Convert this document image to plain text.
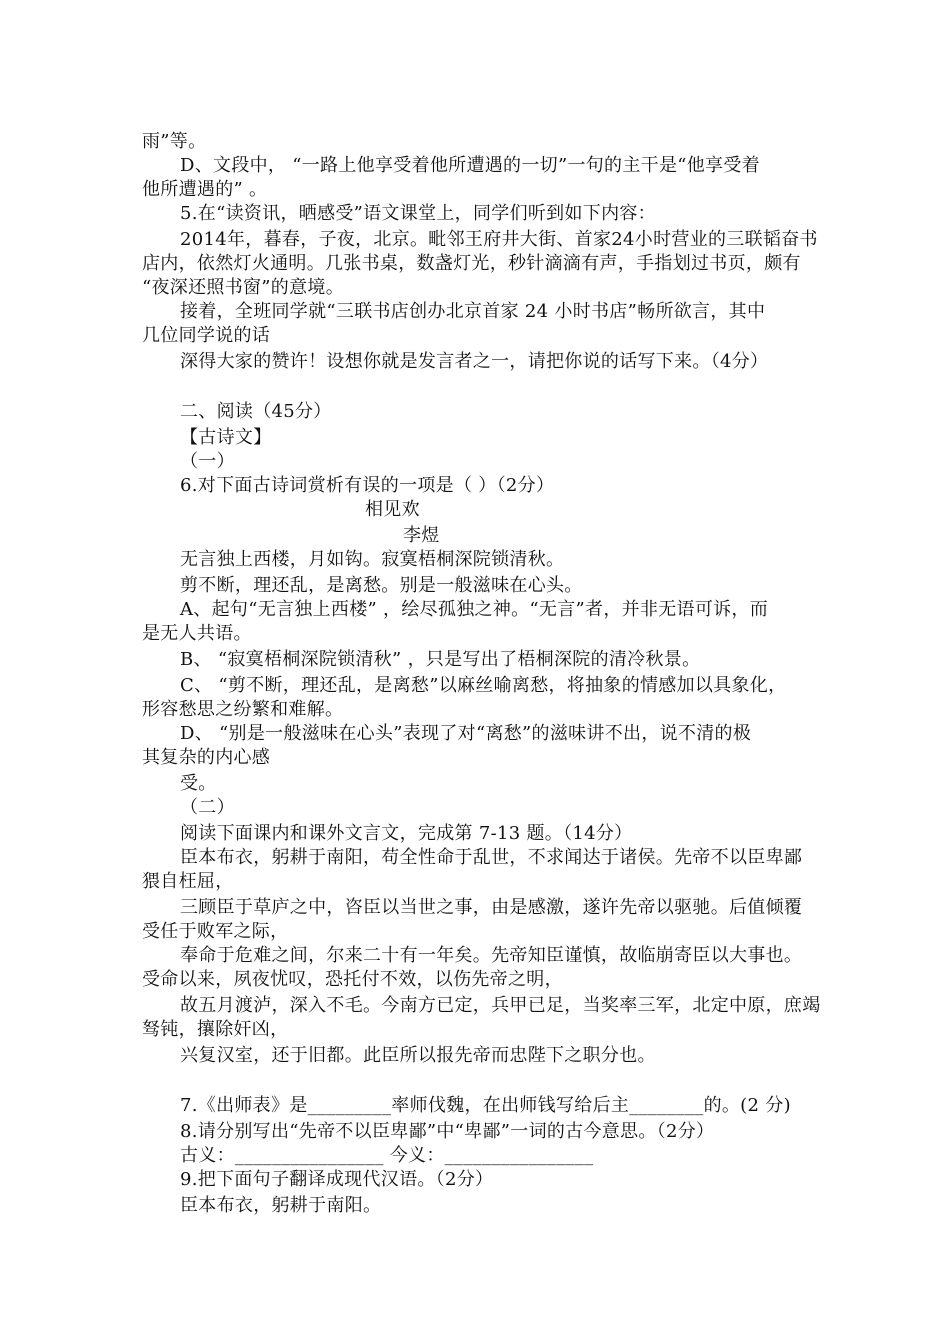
雨”等。
D、文段中， “一路上他享受着他所遭遇的一切”一句的主干是“他享受着
他所遭遇的” 。
5.在“读资讯，晒感受”语文课堂上，同学们听到如下内容：
2014年，暮春，子夜，北京。毗邻王府井大街、首家24小时营业的三联韬奋书
店内，依然灯火通明。几张书桌，数盏灯光，秒针滴滴有声，手指划过书页，颇有
“夜深还照书窗”的意境。
接着，全班同学就“三联书店创办北京首家 24 小时书店”畅所欲言，其中
几位同学说的话
深得大家的赞许！设想你就是发言者之一，请把你说的话写下来。（4分）
二、阅读（45分）
【古诗文】
（一）
6.对下面古诗词赏析有误的一项是（ ）（2分）
相见欢
李煜
无言独上西楼，月如钩。寂寞梧桐深院锁清秋。
剪不断，理还乱，是离愁。别是一般滋味在心头。
A、起句“无言独上西楼” ，绘尽孤独之神。“无言”者，并非无语可诉，而
是无人共语。
B、 “寂寞梧桐深院锁清秋” ，只是写出了梧桐深院的清冷秋景。
C、 “剪不断，理还乱，是离愁”以麻丝喻离愁，将抽象的情感加以具象化，
形容愁思之纷繁和难解。
D、 “别是一般滋味在心头”表现了对“离愁”的滋味讲不出，说不清的极
其复杂的内心感
受。
（二）
阅读下面课内和课外文言文，完成第 7-13 题。（14分）
臣本布衣，躬耕于南阳，苟全性命于乱世，不求闻达于诸侯。先帝不以臣卑鄙
猥自枉屈，
三顾臣于草庐之中，咨臣以当世之事，由是感激，遂许先帝以驱驰。后值倾覆
受任于败军之际，
奉命于危难之间，尔来二十有一年矣。先帝知臣谨慎，故临崩寄臣以大事也。
受命以来，夙夜忧叹，恐托付不效，以伤先帝之明，
故五月渡泸，深入不毛。今南方已定，兵甲已足，当奖率三军，北定中原，庶竭
驽钝，攘除奸凶，
兴复汉室，还于旧都。此臣所以报先帝而忠陛下之职分也。
7.《出师表》是_________率师伐魏，在出师钱写给后主________的。(2 分)
8.请分别写出“先帝不以臣卑鄙”中“卑鄙”一词的古今意思。（2分）
古义：________________ 今义：________________
9.把下面句子翻译成现代汉语。（2分）
臣本布衣，躬耕于南阳。
